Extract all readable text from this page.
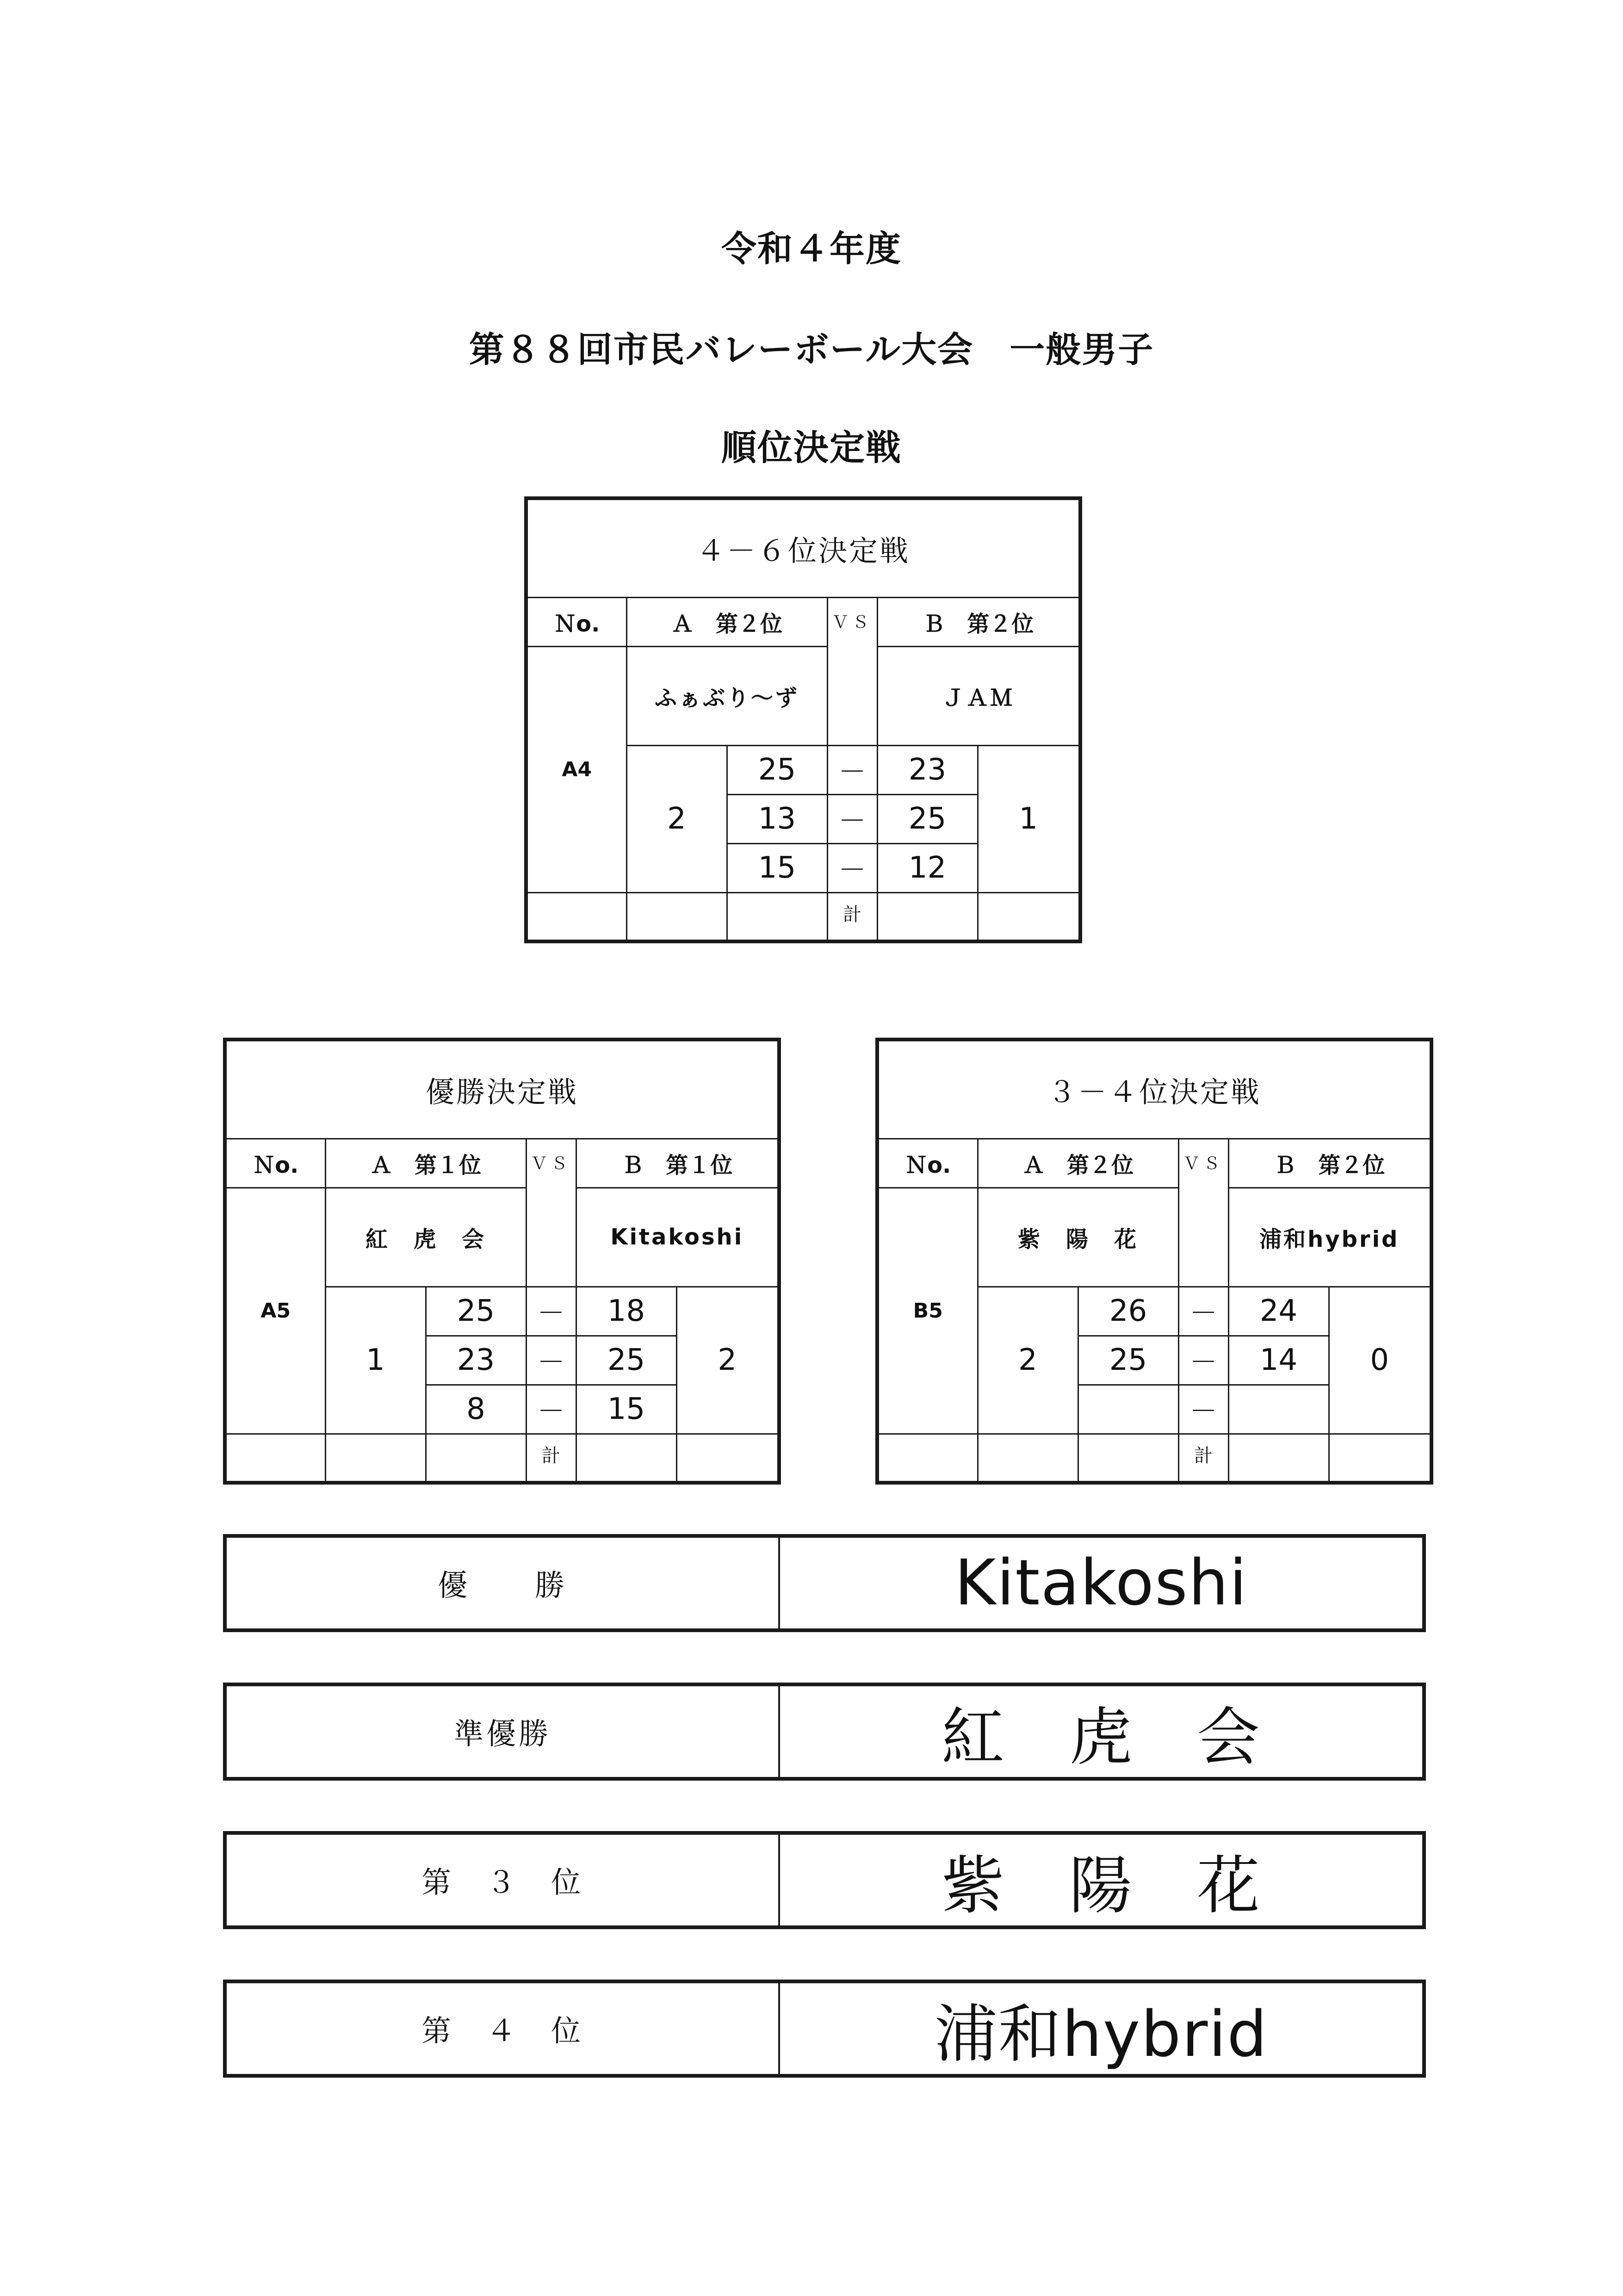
令和４年度
第８８回市民バレーボール大会　一般男子
順位決定戦
４－６位決定戦					
Ｎo.	Ａ　第２位		ＶＳ	Ｂ　第２位	
A4	ふぁぶり～ず			ＪＡＭ	
	2	25	－	23	1
		13	－	25	
		15	－	12	
			計		
優勝決定戦					
Ｎo.	Ａ　第１位		ＶＳ	Ｂ　第１位	
A5	紅　虎　会			Kitakoshi	
	1	25	－	18	2
		23	－	25	
		8	－	15	
			計		
３－４位決定戦					
Ｎo.	Ａ　第２位		ＶＳ	Ｂ　第２位	
B5	紫　陽　花			浦和hybrid	
	2	26	－	24	0
		25	－	14	
			－		
			計		
優　　勝	Kitakoshi
準優勝	紅　虎　会
第　３　位	紫　陽　花
第　４　位	浦和hybrid
